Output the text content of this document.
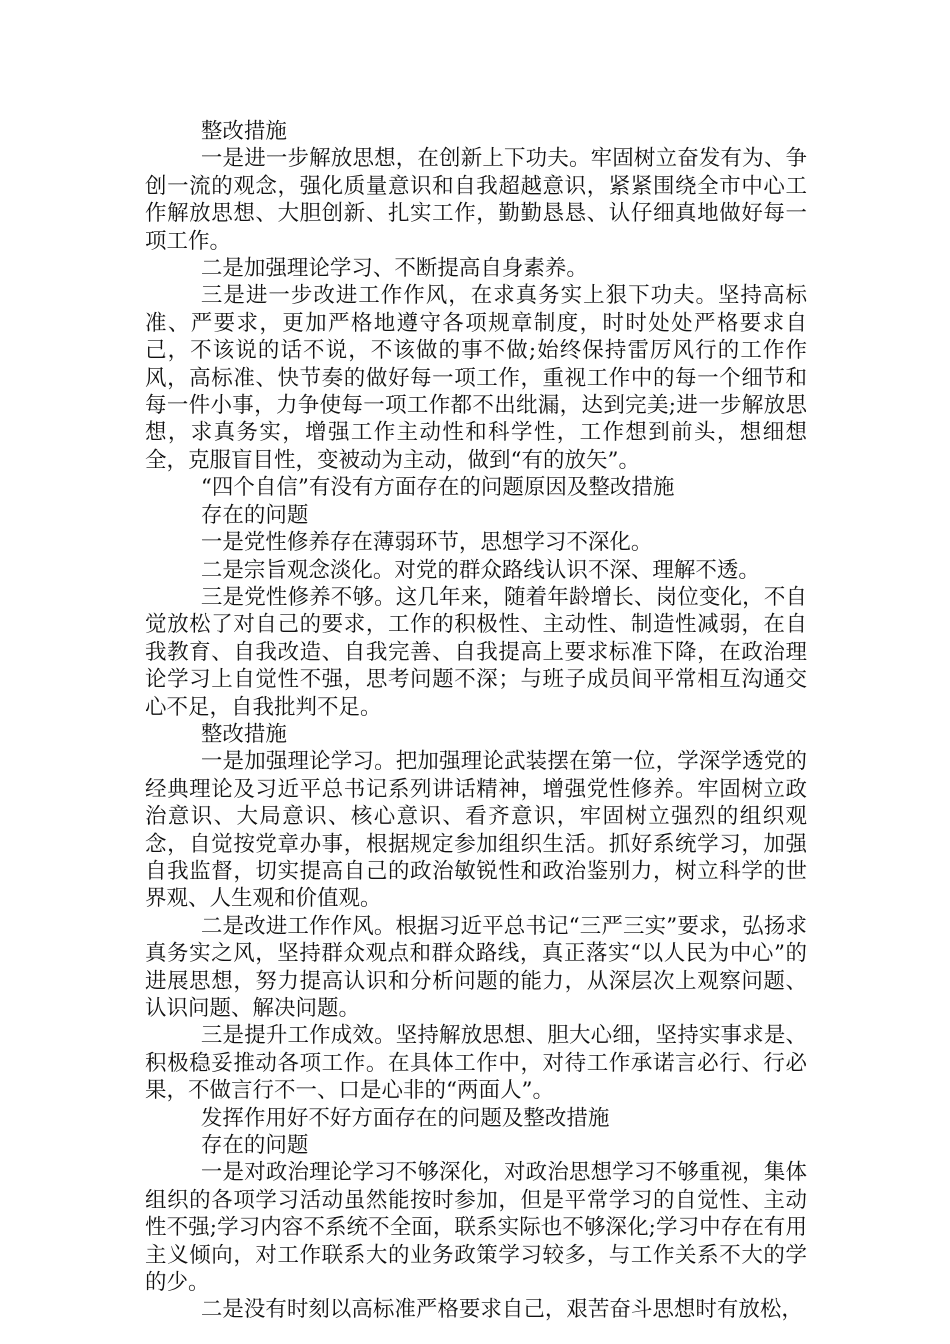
整改措施

一是进一步解放思想，在创新上下功夫。牢固树立奋发有为、争创一流的观念，强化质量意识和自我超越意识，紧紧围绕全市中心工作解放思想、大胆创新、扎实工作，勤勤恳恳、认仔细真地做好每一项工作。

二是加强理论学习、不断提高自身素养。

三是进一步改进工作作风，在求真务实上狠下功夫。坚持高标准、严要求，更加严格地遵守各项规章制度，时时处处严格要求自己，不该说的话不说，不该做的事不做;始终保持雷厉风行的工作作风，高标准、快节奏的做好每一项工作，重视工作中的每一个细节和每一件小事，力争使每一项工作都不出纰漏，达到完美;进一步解放思想，求真务实，增强工作主动性和科学性，工作想到前头，想细想全，克服盲目性，变被动为主动，做到“有的放矢”。

“四个自信”有没有方面存在的问题原因及整改措施

存在的问题

一是党性修养存在薄弱环节，思想学习不深化。

二是宗旨观念淡化。对党的群众路线认识不深、理解不透。

三是党性修养不够。这几年来，随着年龄增长、岗位变化，不自觉放松了对自己的要求，工作的积极性、主动性、制造性减弱，在自我教育、自我改造、自我完善、自我提高上要求标准下降，在政治理论学习上自觉性不强，思考问题不深；与班子成员间平常相互沟通交心不足，自我批判不足。

整改措施

一是加强理论学习。把加强理论武装摆在第一位，学深学透党的经典理论及习近平总书记系列讲话精神，增强党性修养。牢固树立政治意识、大局意识、核心意识、看齐意识，牢固树立强烈的组织观念，自觉按党章办事，根据规定参加组织生活。抓好系统学习，加强自我监督，切实提高自己的政治敏锐性和政治鉴别力，树立科学的世界观、人生观和价值观。

二是改进工作作风。根据习近平总书记“三严三实”要求，弘扬求真务实之风，坚持群众观点和群众路线，真正落实“以人民为中心”的进展思想，努力提高认识和分析问题的能力，从深层次上观察问题、认识问题、解决问题。

三是提升工作成效。坚持解放思想、胆大心细，坚持实事求是、积极稳妥推动各项工作。在具体工作中，对待工作承诺言必行、行必果，不做言行不一、口是心非的“两面人”。

发挥作用好不好方面存在的问题及整改措施

存在的问题

一是对政治理论学习不够深化，对政治思想学习不够重视，集体组织的各项学习活动虽然能按时参加，但是平常学习的自觉性、主动性不强;学习内容不系统不全面，联系实际也不够深化;学习中存在有用主义倾向，对工作联系大的业务政策学习较多，与工作关系不大的学的少。

二是没有时刻以高标准严格要求自己，艰苦奋斗思想时有放松，
